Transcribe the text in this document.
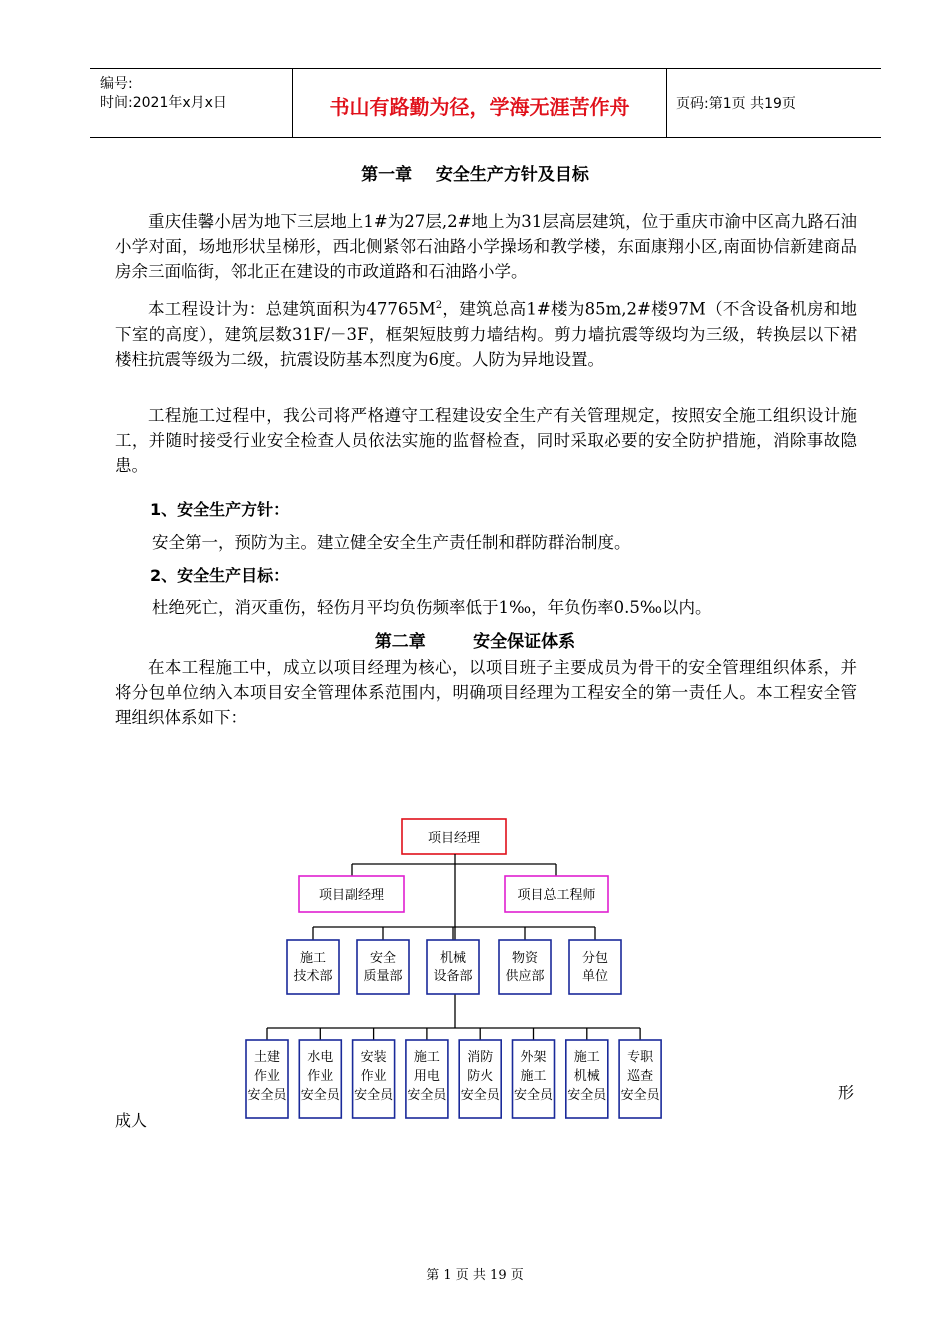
编号:
时间:2021年x月x日	书山有路勤为径，学海无涯苦作舟	页码:第1页 共19页
第一章    安全生产方针及目标
重庆佳馨小居为地下三层地上1#为27层,2#地上为31层高层建筑，位于重庆市渝中区高九路石油小学对面，场地形状呈梯形，西北侧紧邻石油路小学操场和教学楼，东面康翔小区,南面协信新建商品房余三面临街，邻北正在建设的市政道路和石油路小学。
本工程设计为：总建筑面积为$47765M^2$，建筑总高1#楼为85m,2#楼97M（不含设备机房和地下室的高度），建筑层数31F/－3F，框架短肢剪力墙结构。剪力墙抗震等级均为三级，转换层以下裙楼柱抗震等级为二级，抗震设防基本烈度为6度。人防为异地设置。
工程施工过程中，我公司将严格遵守工程建设安全生产有关管理规定，按照安全施工组织设计施工，并随时接受行业安全检查人员依法实施的监督检查，同时采取必要的安全防护措施，消除事故隐患。
1、安全生产方针：
安全第一，预防为主。建立健全安全生产责任制和群防群治制度。
2、安全生产目标：
杜绝死亡，消灭重伤，轻伤月平均负伤频率低于1‰，年负伤率0.5‰以内。
第二章        安全保证体系
在本工程施工中，成立以项目经理为核心，以项目班子主要成员为骨干的安全管理组织体系，并将分包单位纳入本项目安全管理体系范围内，明确项目经理为工程安全的第一责任人。本工程安全管理组织体系如下：
项目经理
项目副经理	项目总工程师
施工
技术部
安全
质量部
机械
设备部
物资
供应部
分包
单位
土建
作业
安全员
水电
作业
安全员
安装
作业
安全员
施工
用电
安全员
消防
防火
安全员
外架
施工
安全员
施工
机械
安全员
专职
巡查
安全员	形
成人
第 1 页 共 19 页
